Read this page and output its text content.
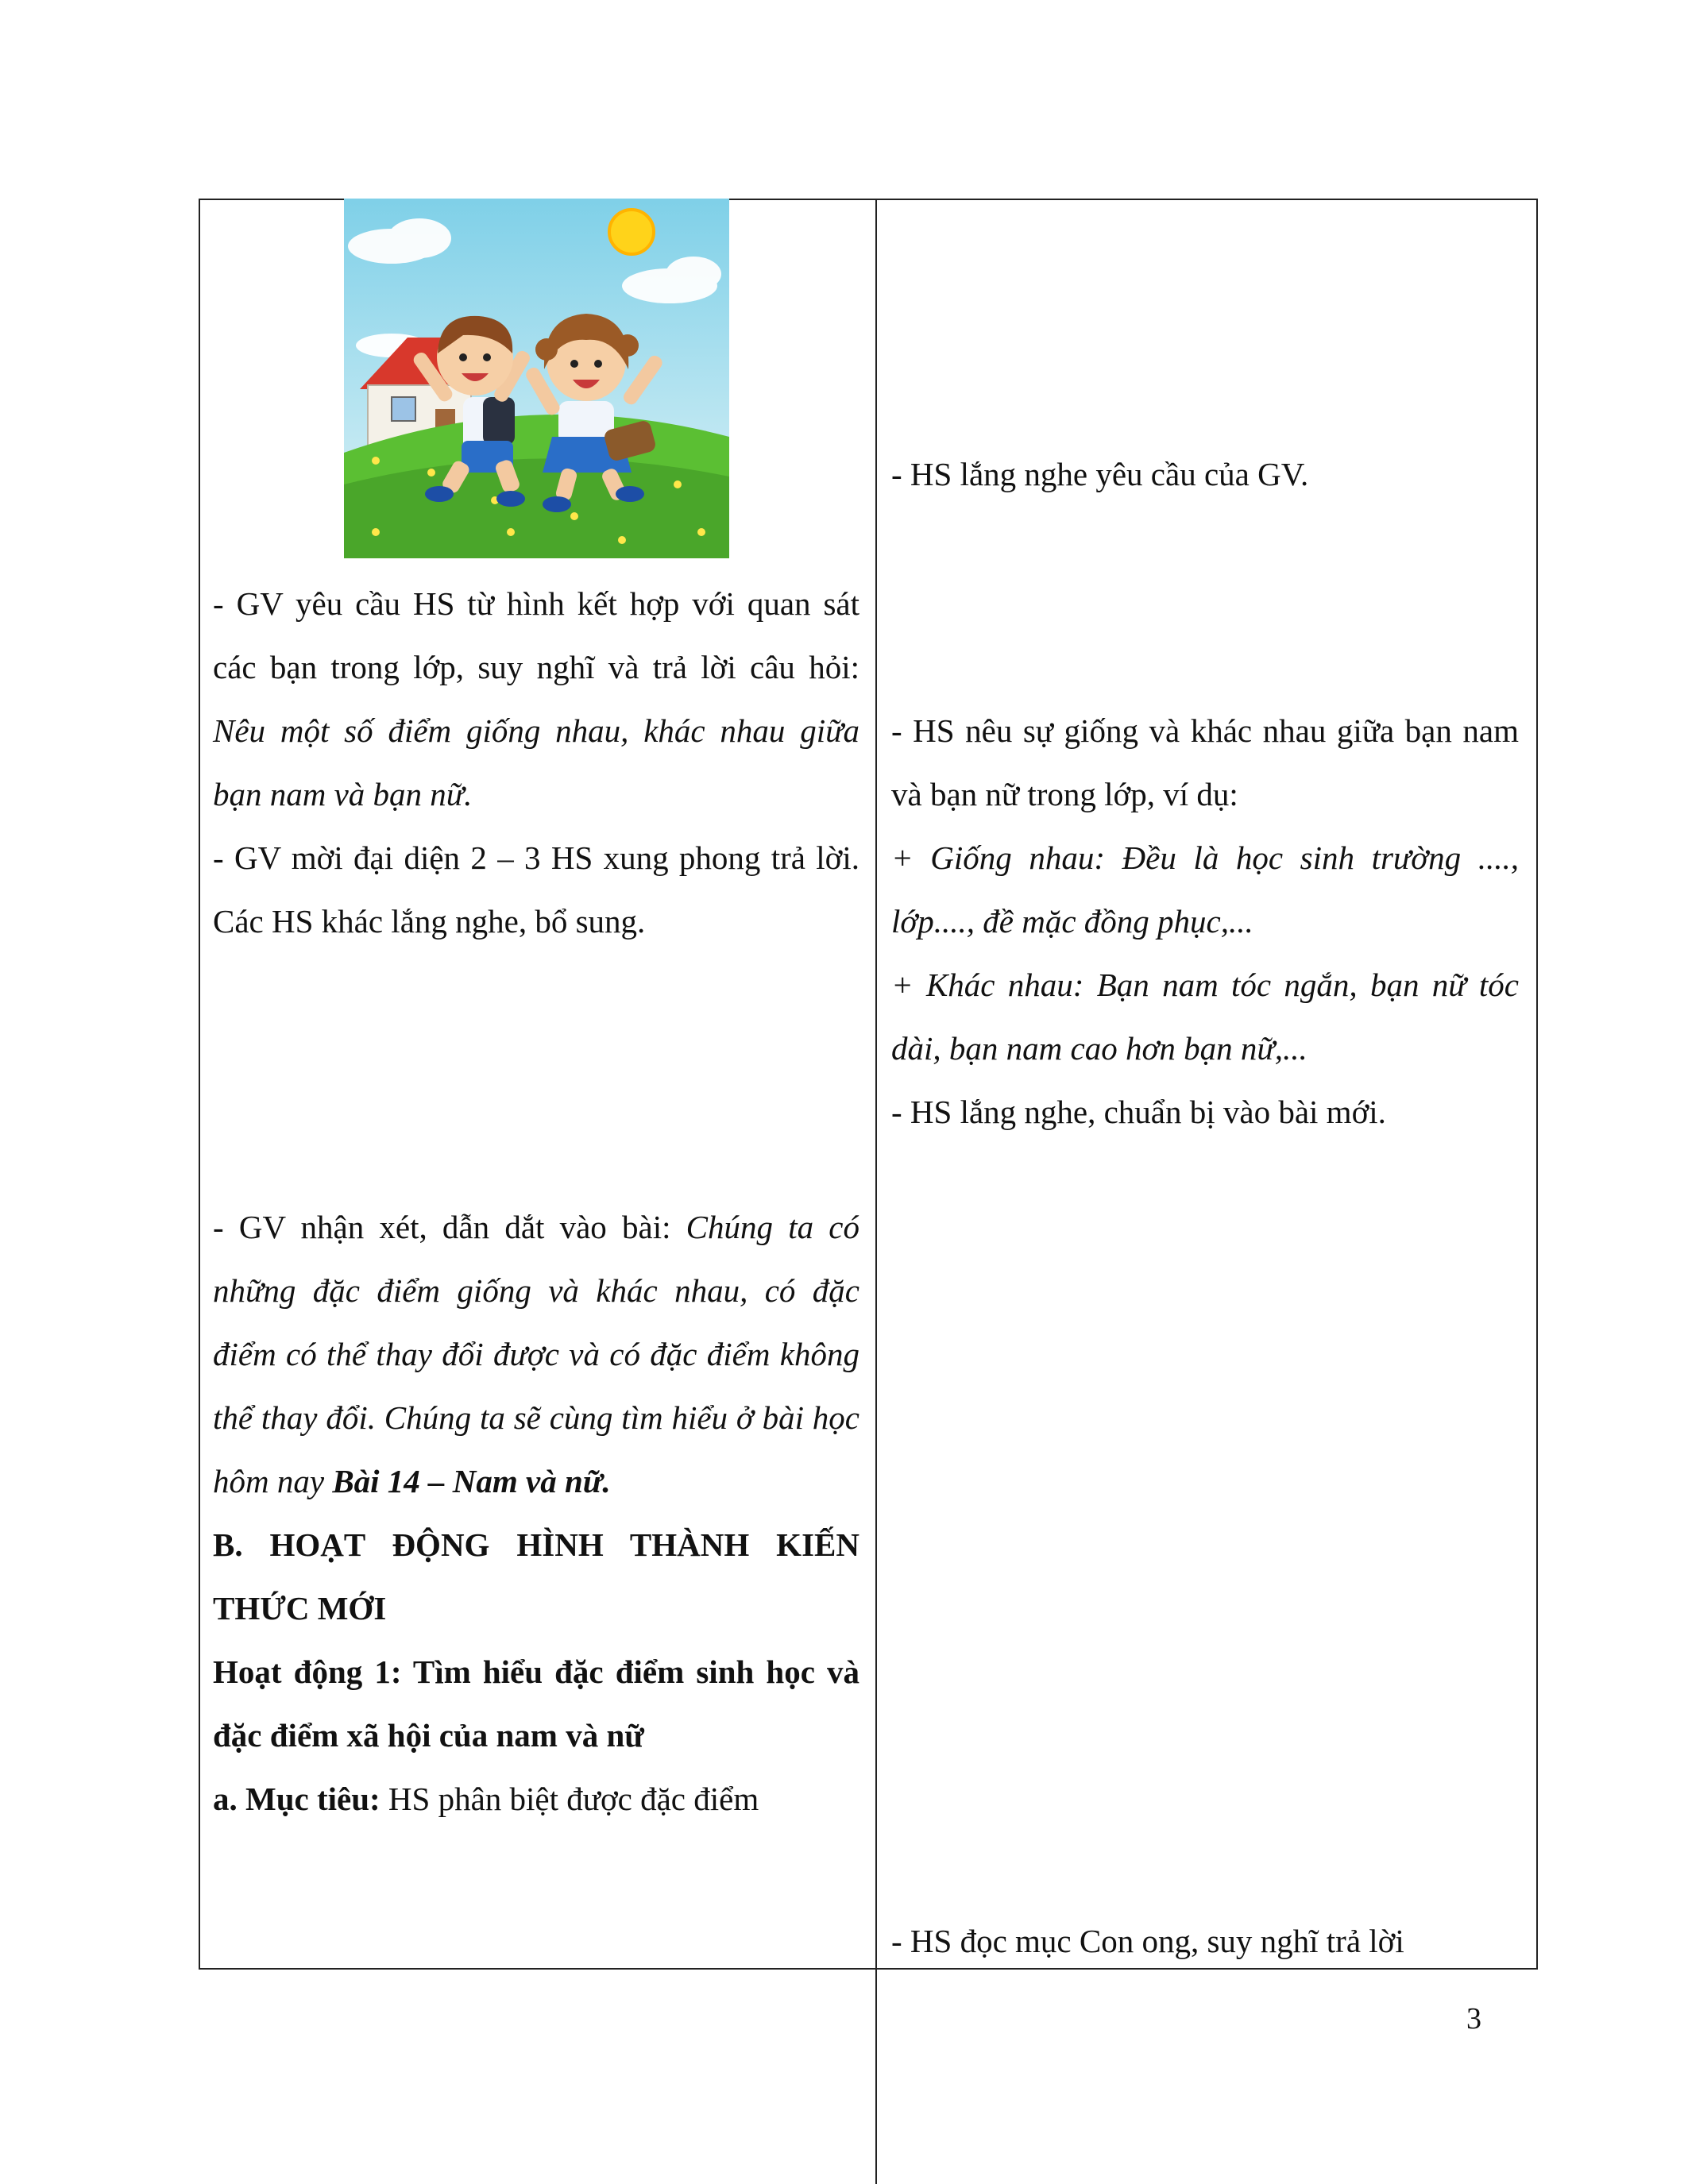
- GV yêu cầu HS từ hình kết hợp với quan sát các bạn trong lớp, suy nghĩ và trả lời câu hỏi: Nêu một số điểm giống nhau, khác nhau giữa bạn nam và bạn nữ.

- GV mời đại diện 2 – 3 HS xung phong trả lời. Các HS khác lắng nghe, bổ sung.

- GV nhận xét, dẫn dắt vào bài: Chúng ta có những đặc điểm giống và khác nhau, có đặc điểm có thể thay đổi được và có đặc điểm không thể thay đổi. Chúng ta sẽ cùng tìm hiểu ở bài học hôm nay Bài 14 – Nam và nữ.

B. HOẠT ĐỘNG HÌNH THÀNH KIẾN THỨC MỚI

Hoạt động 1: Tìm hiểu đặc điểm sinh học và đặc điểm xã hội của nam và nữ

a. Mục tiêu: HS phân biệt được đặc điểm

- HS lắng nghe yêu cầu của GV.

- HS nêu sự giống và khác nhau giữa bạn nam và bạn nữ trong lớp, ví dụ:

+ Giống nhau: Đều là học sinh trường ...., lớp...., đề mặc đồng phục,...

+ Khác nhau: Bạn nam tóc ngắn, bạn nữ tóc dài, bạn nam cao hơn bạn nữ,...

- HS lắng nghe, chuẩn bị vào bài mới.

- HS đọc mục Con ong, suy nghĩ trả lời

3
